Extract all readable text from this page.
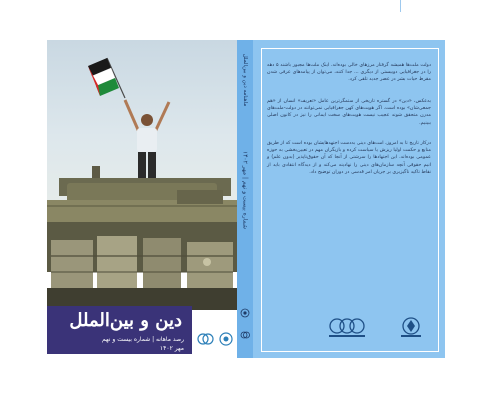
دین و بین‌الملل
رصد ماهانه | شماره بیست و نهم
مهر ۱۴۰۲
ماهنامه دین و بین‌الملل
شماره بیست و نهم | مهر ۱۴۰۲
دولت ملت‌ها همیشه گرفتار مرزهای خالی بوده‌اند. اینک ملت‌ها مجبور باشند ۵ دهه را در جغرافیایی دوبیستی از دیگری ... جدا کنند، می‌توان از پیامدهای عرفی شدن مقرط حیات بشر در عصر جدید تلقی کرد.
به‌عکس، «دین» در گستره تاریخی از ستمگرترین عامل «تعریف» انسان از «هم جمعی‌شان» بوده است. اگر هویت‌های کهن جغرافیایی نمی‌توانند در دولت-ملت‌های مدرن متحقق شوند عجیب نیست هویت‌های سخت ایمانی را نیز در کانون اصلی ببینیم.
درکار تاریخ تا به امروز، امت‌های دینی به‌دست اجتهدهایشان بوده است که از طریق منابع و حکمت اولیا ریزش یا سیاست کرده و بازیگران مهم در تعیین‌بخشی به حوزه عمومی بوده‌اند. این اجتهادها را سرشتی از آنجا که آن حقوق‌ناپذیر (بدون علم) و انیم حقوقی آنچه سازمان‌های دینی را نهادینه می‌کند و از دیدگاه انتقادی باید از نقاط تاکید ناگیزیری بر جریان امر قدسی در دوران توضیح داد.
